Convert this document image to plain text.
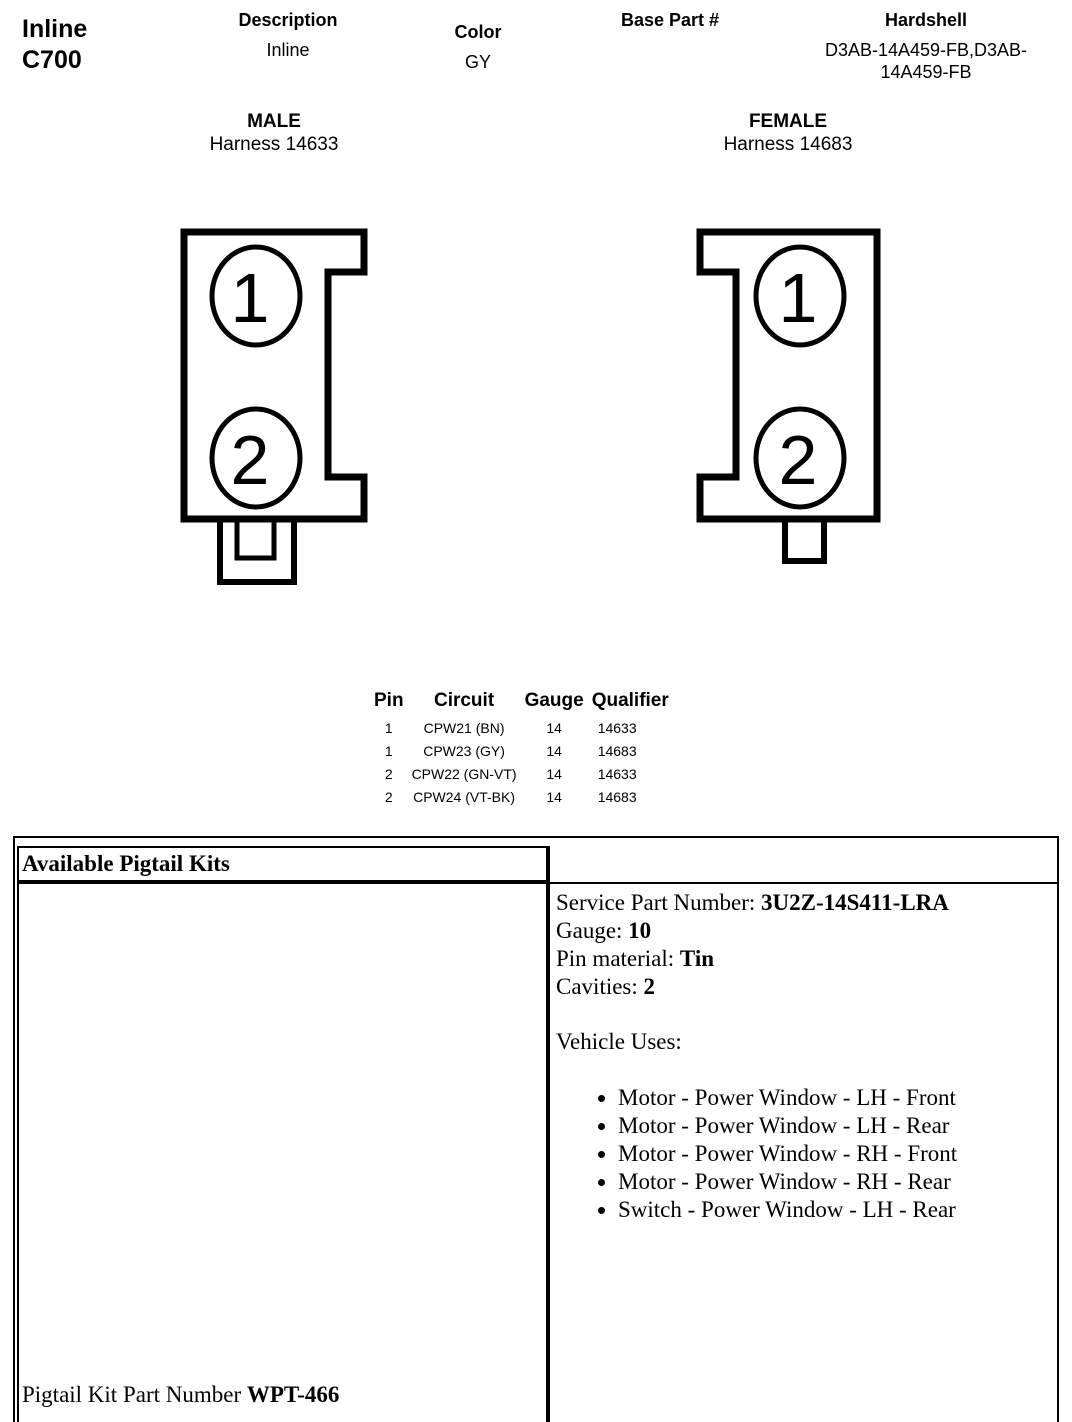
Inline
C700
Description
Inline
Color
GY
Base Part #	Hardshell
D3AB-14A459-FB,D3AB-
14A459-FB
MALE
Harness 14633
FEMALE
Harness 14683
1
2
1
2
Pin	Circuit	Gauge	Qualifier
1	CPW21 (BN)	14	14633
1	CPW23 (GY)	14	14683
2	CPW22 (GN-VT)	14	14633
2	CPW24 (VT-BK)	14	14683
Available Pigtail Kits
Pigtail Kit Part Number WPT-466
Service Part Number: 3U2Z-14S411-LRA
Gauge: 10
Pin material: Tin
Cavities: 2
Vehicle Uses:
• Motor - Power Window - LH - Front
• Motor - Power Window - LH - Rear
• Motor - Power Window - RH - Front
• Motor - Power Window - RH - Rear
• Switch - Power Window - LH - Rear
